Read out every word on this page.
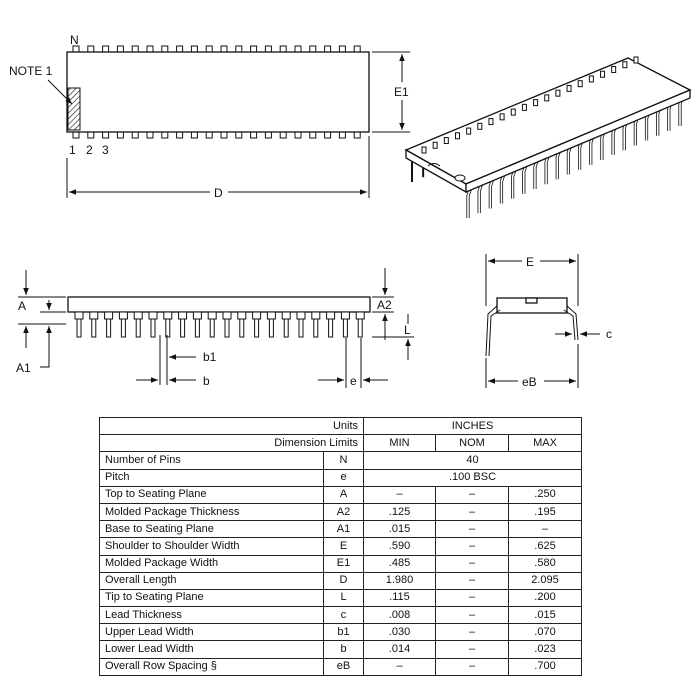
N
NOTE 1
1 2 3
E1
D
A
A1
A2
L
b1
b	e
E
c
eB
Units		INCHES		
Dimension Limits		MIN	NOM	MAX
Number of Pins	N	40		
Pitch	e	.100 BSC		
Top to Seating Plane	A	–	–	.250
Molded Package Thickness	A2	.125	–	.195
Base to Seating Plane	A1	.015	–	–
Shoulder to Shoulder Width	E	.590	–	.625
Molded Package Width	E1	.485	–	.580
Overall Length	D	1.980	–	2.095
Tip to Seating Plane	L	.115	–	.200
Lead Thickness	c	.008	–	.015
Upper Lead Width	b1	.030	–	.070
Lower Lead Width	b	.014	–	.023
Overall Row Spacing §	eB	–	–	.700
